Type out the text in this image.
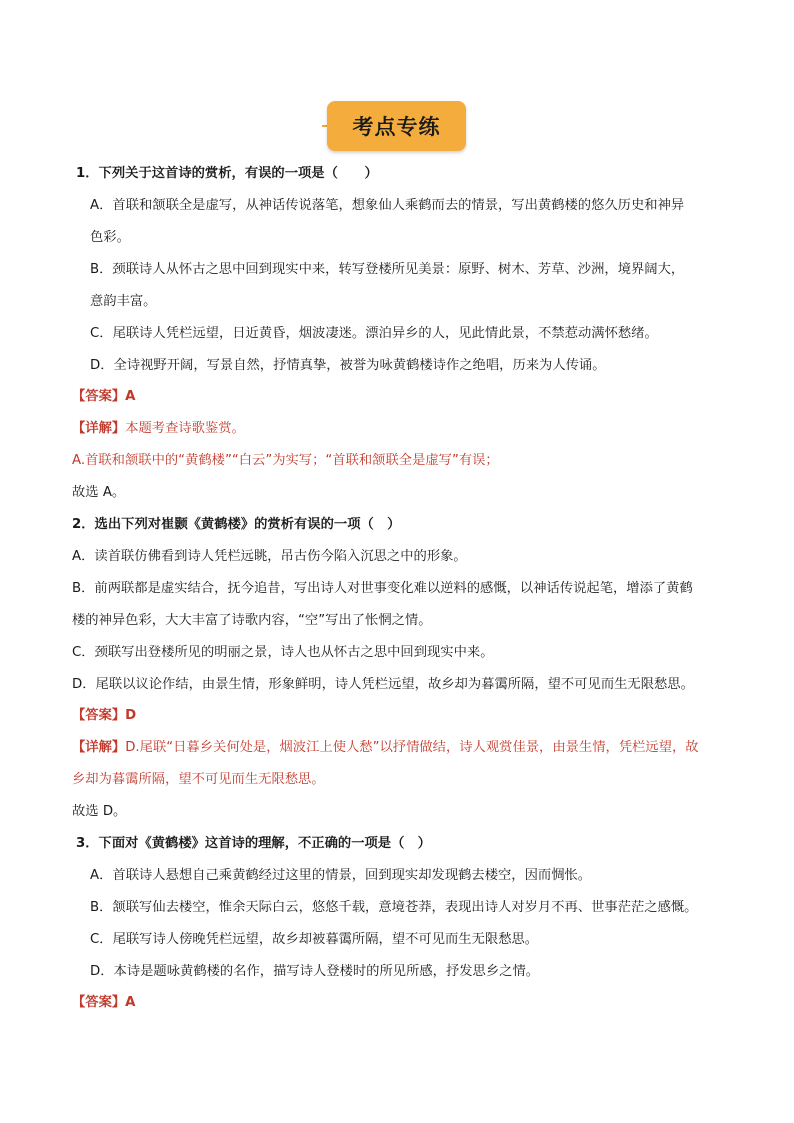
考点专练
1．下列关于这首诗的赏析，有误的一项是（　　）
A．首联和颔联全是虚写，从神话传说落笔，想象仙人乘鹤而去的情景，写出黄鹤楼的悠久历史和神异
色彩。
B．颈联诗人从怀古之思中回到现实中来，转写登楼所见美景：原野、树木、芳草、沙洲，境界阔大，
意韵丰富。
C．尾联诗人凭栏远望，日近黄昏，烟波凄迷。漂泊异乡的人，见此情此景，不禁惹动满怀愁绪。
D．全诗视野开阔，写景自然，抒情真挚，被誉为咏黄鹤楼诗作之绝唱，历来为人传诵。
【答案】A
【详解】本题考查诗歌鉴赏。
A.首联和颔联中的“黄鹤楼”“白云”为实写；“首联和颔联全是虚写”有误；
故选 A。
2．选出下列对崔颢《黄鹤楼》的赏析有误的一项（　）
A．读首联仿佛看到诗人凭栏远眺，吊古伤今陷入沉思之中的形象。
B．前两联都是虚实结合，抚今追昔，写出诗人对世事变化难以逆料的感慨，以神话传说起笔，增添了黄鹤
楼的神异色彩，大大丰富了诗歌内容，“空”写出了怅惘之情。
C．颈联写出登楼所见的明丽之景，诗人也从怀古之思中回到现实中来。
D．尾联以议论作结，由景生情，形象鲜明，诗人凭栏远望，故乡却为暮霭所隔，望不可见而生无限愁思。
【答案】D
【详解】D.尾联“日暮乡关何处是，烟波江上使人愁”以抒情做结，诗人观赏佳景，由景生情，凭栏远望，故
乡却为暮霭所隔，望不可见而生无限愁思。
故选 D。
3．下面对《黄鹤楼》这首诗的理解，不正确的一项是（　）
A．首联诗人悬想自己乘黄鹤经过这里的情景，回到现实却发现鹤去楼空，因而惆怅。
B．颔联写仙去楼空，惟余天际白云，悠悠千载，意境苍莽，表现出诗人对岁月不再、世事茫茫之感慨。
C．尾联写诗人傍晚凭栏远望，故乡却被暮霭所隔，望不可见而生无限愁思。
D．本诗是题咏黄鹤楼的名作，描写诗人登楼时的所见所感，抒发思乡之情。
【答案】A
